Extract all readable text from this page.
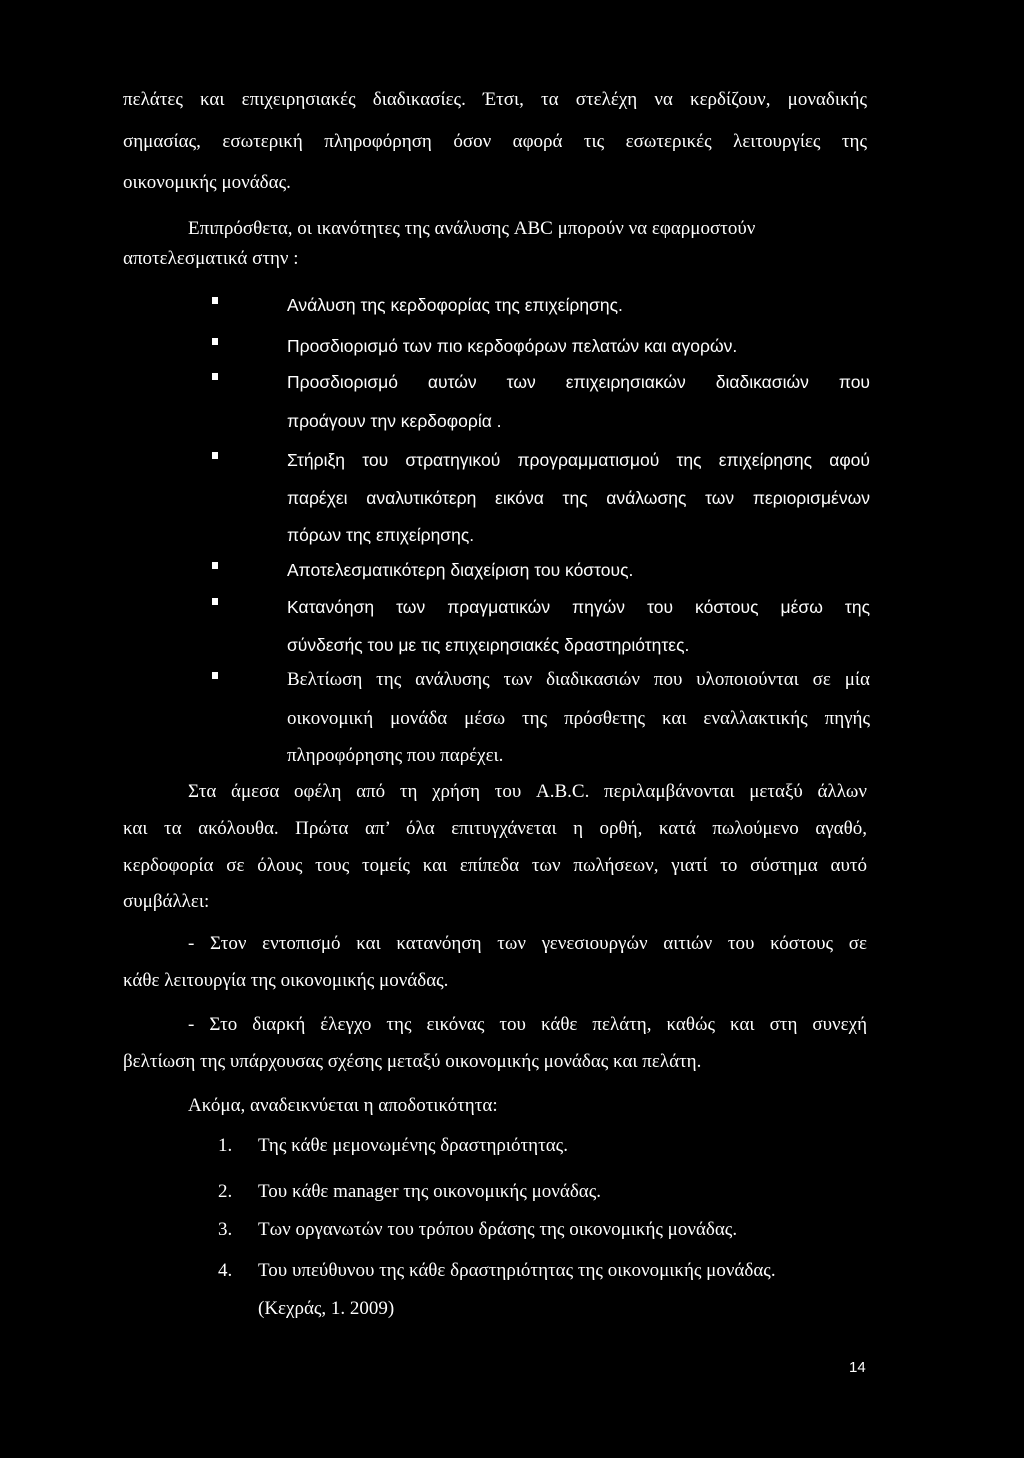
πελάτες και επιχειρησιακές διαδικασίες. Έτσι, τα στελέχη να κερδίζουν, μοναδικής
σημασίας, εσωτερική πληροφόρηση όσον αφορά τις εσωτερικές λειτουργίες της
οικονομικής μονάδας.
Επιπρόσθετα, οι ικανότητες της ανάλυσης ABC μπορούν να εφαρμοστούν
αποτελεσματικά στην :
Ανάλυση της κερδοφορίας της επιχείρησης.
Προσδιορισμό των πιο κερδοφόρων πελατών και αγορών.
Προσδιορισμό αυτών των επιχειρησιακών διαδικασιών που
προάγουν την κερδοφορία .
Στήριξη του στρατηγικού προγραμματισμού της επιχείρησης αφού
παρέχει αναλυτικότερη εικόνα της ανάλωσης των περιορισμένων
πόρων της επιχείρησης.
Αποτελεσματικότερη διαχείριση του κόστους.
Κατανόηση των πραγματικών πηγών του κόστους μέσω της
σύνδεσής του με τις επιχειρησιακές δραστηριότητες.
Βελτίωση της ανάλυσης των διαδικασιών που υλοποιούνται σε μία
οικονομική μονάδα μέσω της πρόσθετης και εναλλακτικής πηγής
πληροφόρησης που παρέχει.
Στα άμεσα οφέλη από τη χρήση του A.B.C. περιλαμβάνονται μεταξύ άλλων
και τα ακόλουθα. Πρώτα απ’ όλα επιτυγχάνεται η ορθή, κατά πωλούμενο αγαθό,
κερδοφορία σε όλους τους τομείς και επίπεδα των πωλήσεων, γιατί το σύστημα αυτό
συμβάλλει:
- Στον εντοπισμό και κατανόηση των γενεσιουργών αιτιών του κόστους σε
κάθε λειτουργία της οικονομικής μονάδας.
- Στο διαρκή έλεγχο της εικόνας του κάθε πελάτη, καθώς και στη συνεχή
βελτίωση της υπάρχουσας σχέσης μεταξύ οικονομικής μονάδας και πελάτη.
Ακόμα, αναδεικνύεται η αποδοτικότητα:
1. Της κάθε μεμονωμένης δραστηριότητας.
2. Του κάθε manager της οικονομικής μονάδας.
3. Των οργανωτών του τρόπου δράσης της οικονομικής μονάδας.
4. Του υπεύθυνου της κάθε δραστηριότητας της οικονομικής μονάδας.
(Κεχράς, 1. 2009)
14
